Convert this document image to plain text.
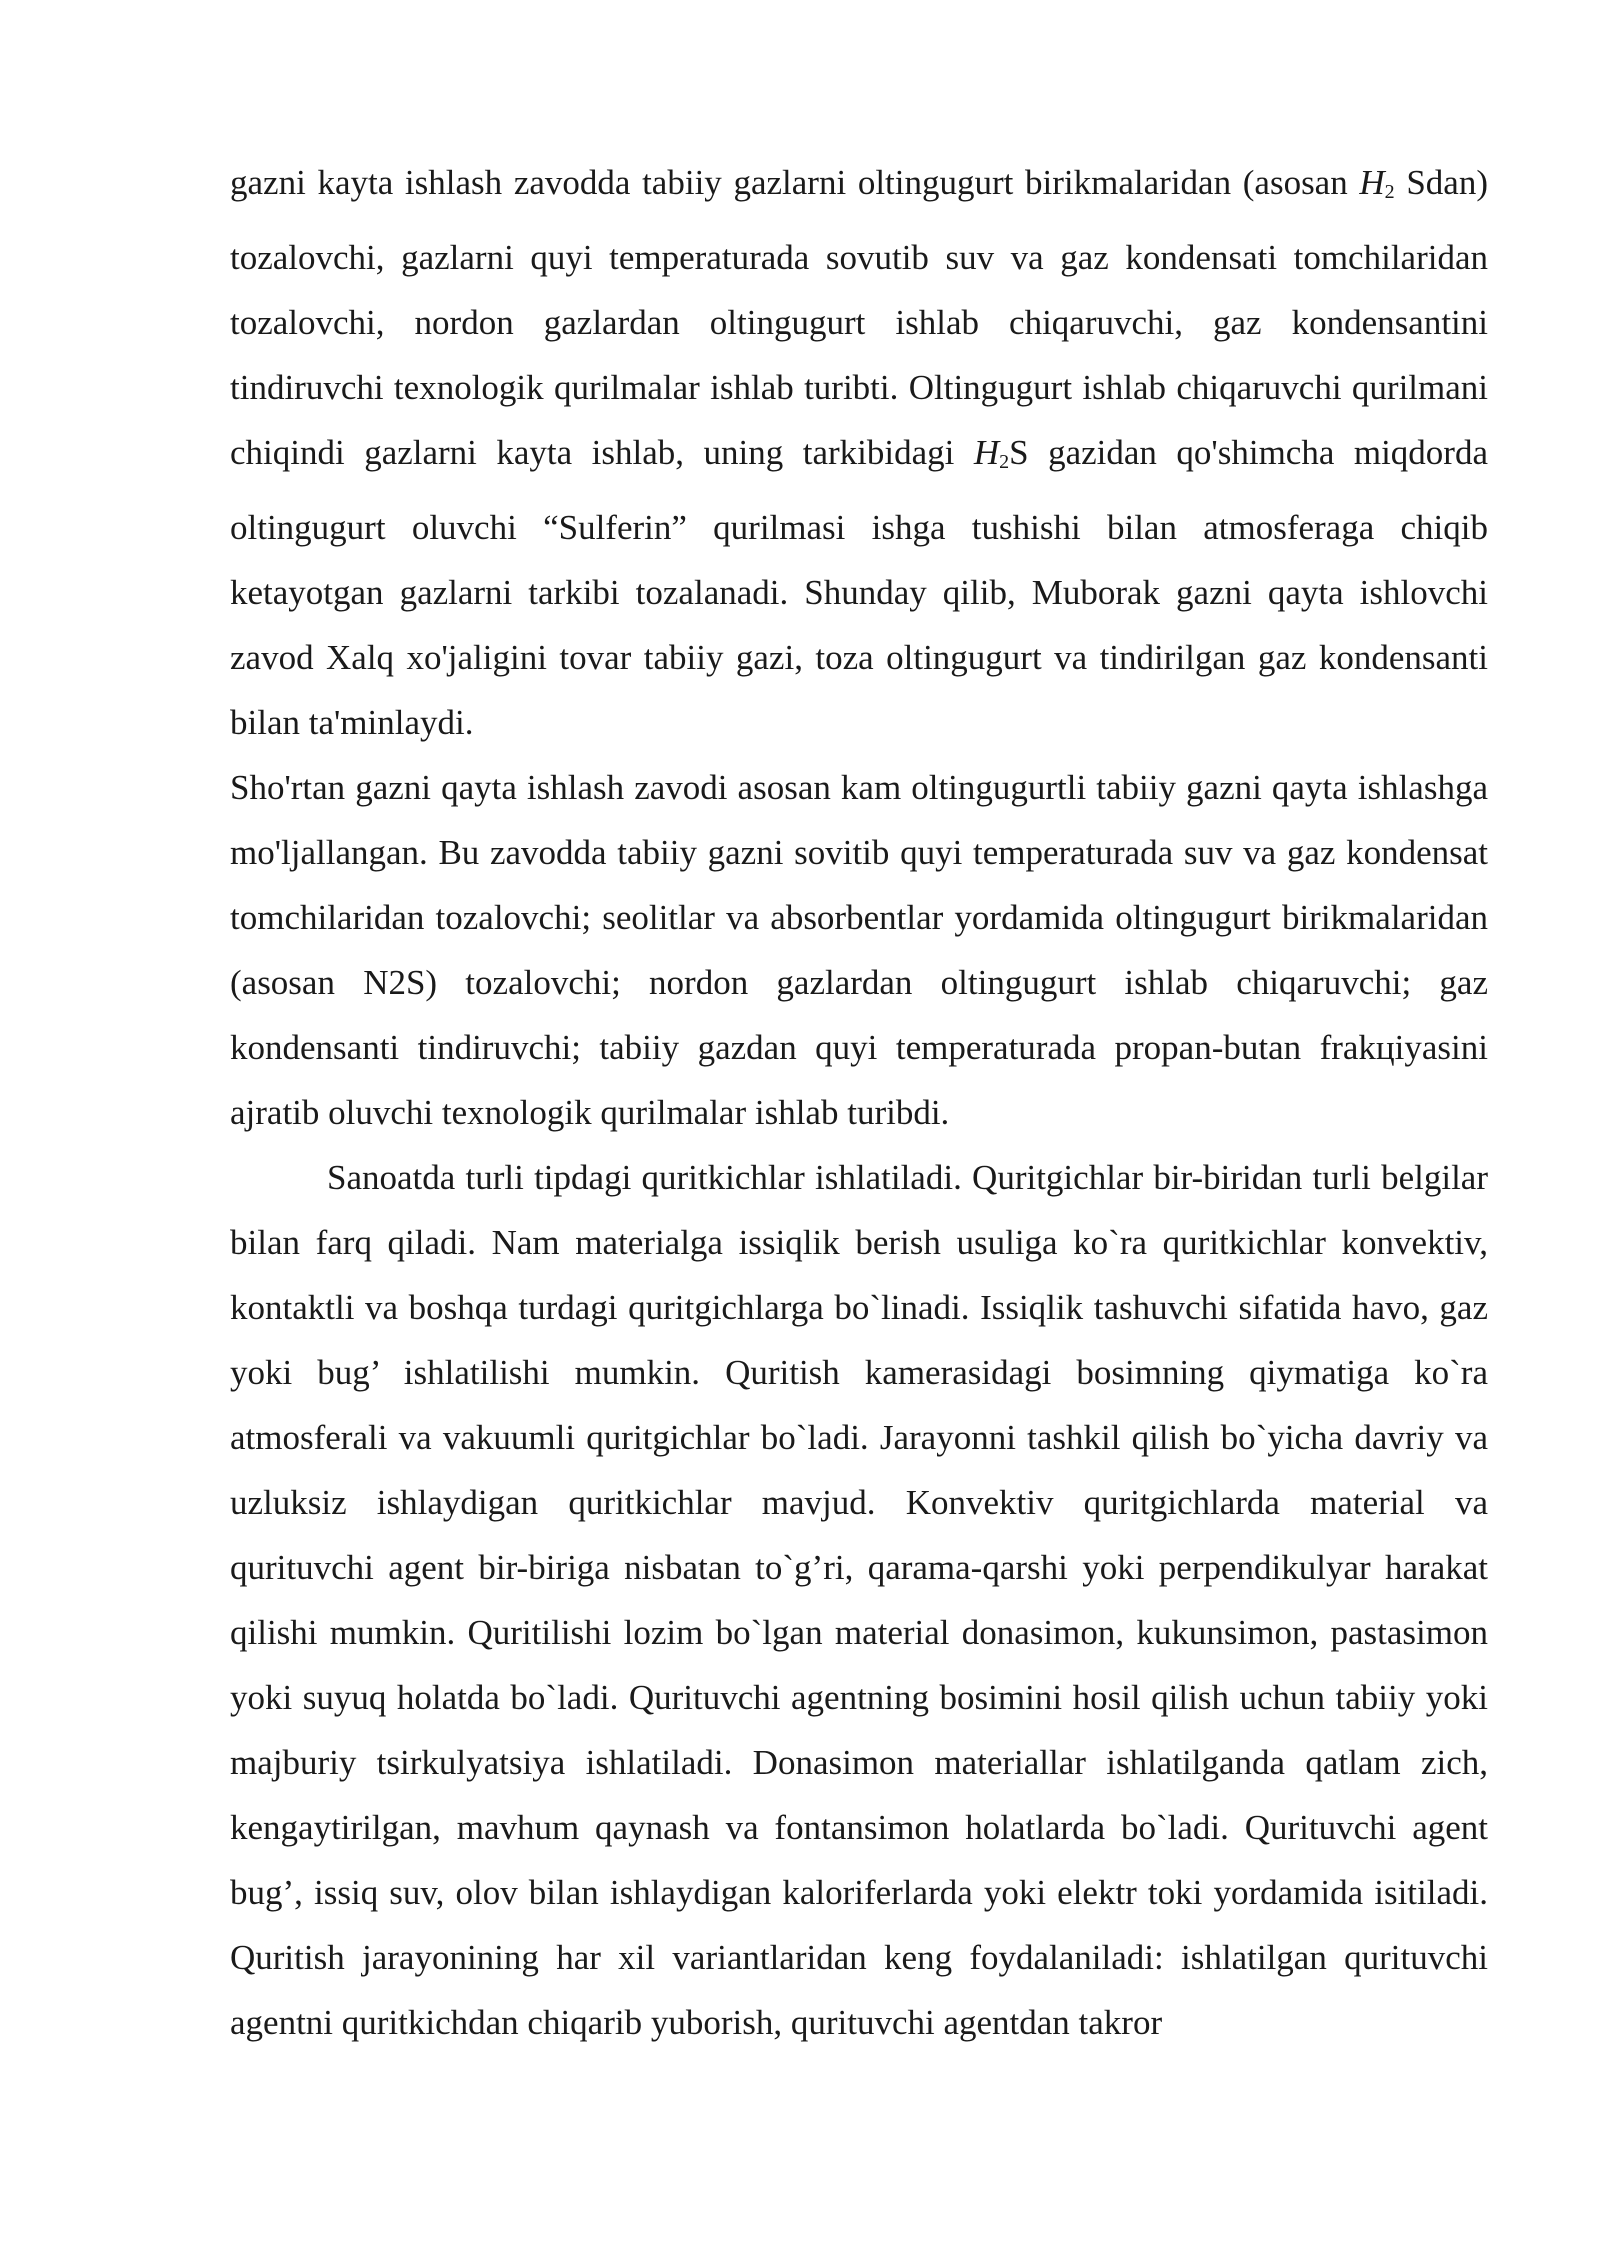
gazni kayta ishlash zavodda tabiiy gazlarni oltingugurt birikmalaridan (asosan $H_2$ Sdan) tozalovchi, gazlarni quyi temperaturada sovutib suv va gaz kondensati tomchilaridan tozalovchi, nordon gazlardan oltingugurt ishlab chiqaruvchi, gaz kondensantini tindiruvchi texnologik qurilmalar ishlab turibti. Oltingugurt ishlab chiqaruvchi qurilmani chiqindi gazlarni kayta ishlab, uning tarkibidagi $H_2S$ gazidan qo'shimcha miqdorda oltingugurt oluvchi “Sulferin” qurilmasi ishga tushishi bilan atmosferaga chiqib ketayotgan gazlarni tarkibi tozalanadi. Shunday qilib, Muborak gazni qayta ishlovchi zavod Xalq xo'jaligini tovar tabiiy gazi, toza oltingugurt va tindirilgan gaz kondensanti bilan ta'minlaydi.

Sho'rtan gazni qayta ishlash zavodi asosan kam oltingugurtli tabiiy gazni qayta ishlashga mo'ljallangan. Bu zavodda tabiiy gazni sovitib quyi temperaturada suv va gaz kondensat tomchilaridan tozalovchi; seolitlar va absorbentlar yordamida oltingugurt birikmalaridan (asosan N2S) tozalovchi; nordon gazlardan oltingugurt ishlab chiqaruvchi; gaz kondensanti tindiruvchi; tabiiy gazdan quyi temperaturada propan-butan frakцiyasini ajratib oluvchi texnologik qurilmalar ishlab turibdi.

Sanoatda turli tipdagi quritkichlar ishlatiladi. Quritgichlar bir-biridan turli belgilar bilan farq qiladi. Nam materialga issiqlik berish usuliga ko`ra quritkichlar konvektiv, kontaktli va boshqa turdagi quritgichlarga bo`linadi. Issiqlik tashuvchi sifatida havo, gaz yoki bug’ ishlatilishi mumkin. Quritish kamerasidagi bosimning qiymatiga ko`ra atmosferali va vakuumli quritgichlar bo`ladi. Jarayonni tashkil qilish bo`yicha davriy va uzluksiz ishlaydigan quritkichlar mavjud. Konvektiv quritgichlarda material va qurituvchi agent bir-biriga nisbatan to`g’ri, qarama-qarshi yoki perpendikulyar harakat qilishi mumkin. Quritilishi lozim bo`lgan material donasimon, kukunsimon, pastasimon yoki suyuq holatda bo`ladi. Qurituvchi agentning bosimini hosil qilish uchun tabiiy yoki majburiy tsirkulyatsiya ishlatiladi. Donasimon materiallar ishlatilganda qatlam zich, kengaytirilgan, mavhum qaynash va fontansimon holatlarda bo`ladi. Qurituvchi agent bug’, issiq suv, olov bilan ishlaydigan kaloriferlarda yoki elektr toki yordamida isitiladi. Quritish jarayonining har xil variantlaridan keng foydalaniladi: ishlatilgan qurituvchi agentni quritkichdan chiqarib yuborish, qurituvchi agentdan takror
